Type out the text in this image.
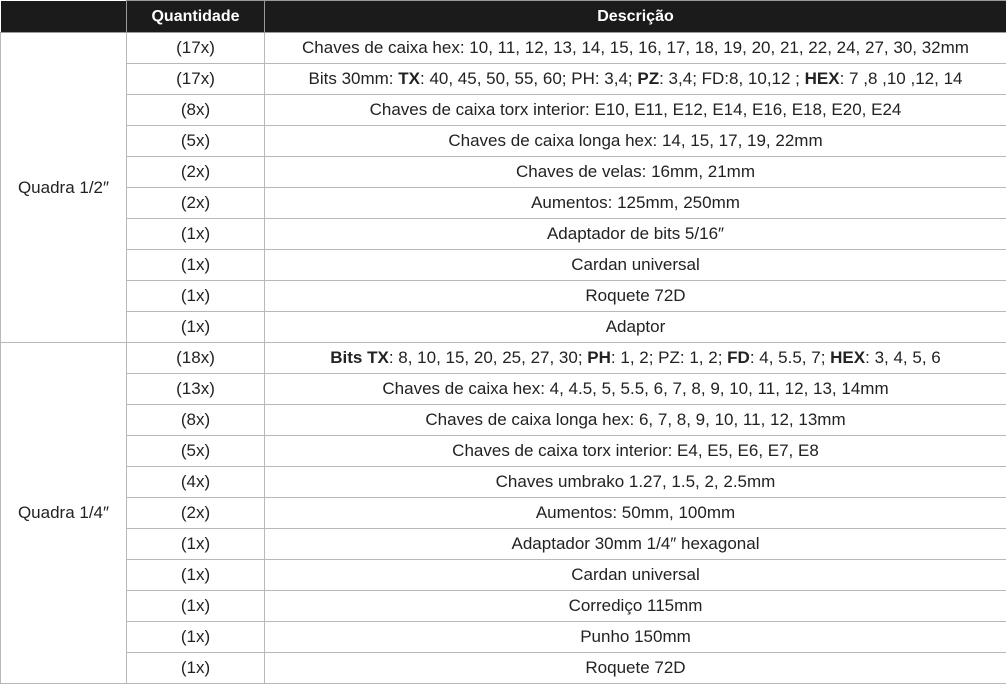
	Quantidade	Descrição
Quadra 1/2″	(17x)	Chaves de caixa hex: 10, 11, 12, 13, 14, 15, 16, 17, 18, 19, 20, 21, 22, 24, 27, 30, 32mm
	(17x)	Bits 30mm: TX: 40, 45, 50, 55, 60; PH: 3,4; PZ: 3,4; FD:8, 10,12 ; HEX: 7 ,8 ,10 ,12, 14
	(8x)	Chaves de caixa torx interior: E10, E11, E12, E14, E16, E18, E20, E24
	(5x)	Chaves de caixa longa hex: 14, 15, 17, 19, 22mm
	(2x)	Chaves de velas: 16mm, 21mm
	(2x)	Aumentos: 125mm, 250mm
	(1x)	Adaptador de bits 5/16″
	(1x)	Cardan universal
	(1x)	Roquete 72D
	(1x)	Adaptor
Quadra 1/4″	(18x)	Bits TX: 8, 10, 15, 20, 25, 27, 30; PH: 1, 2; PZ: 1, 2; FD: 4, 5.5, 7; HEX: 3, 4, 5, 6
	(13x)	Chaves de caixa hex: 4, 4.5, 5, 5.5, 6, 7, 8, 9, 10, 11, 12, 13, 14mm
	(8x)	Chaves de caixa longa hex: 6, 7, 8, 9, 10, 11, 12, 13mm
	(5x)	Chaves de caixa torx interior: E4, E5, E6, E7, E8
	(4x)	Chaves umbrako 1.27, 1.5, 2, 2.5mm
	(2x)	Aumentos: 50mm, 100mm
	(1x)	Adaptador 30mm 1/4″ hexagonal
	(1x)	Cardan universal
	(1x)	Corrediço 115mm
	(1x)	Punho 150mm
	(1x)	Roquete 72D
